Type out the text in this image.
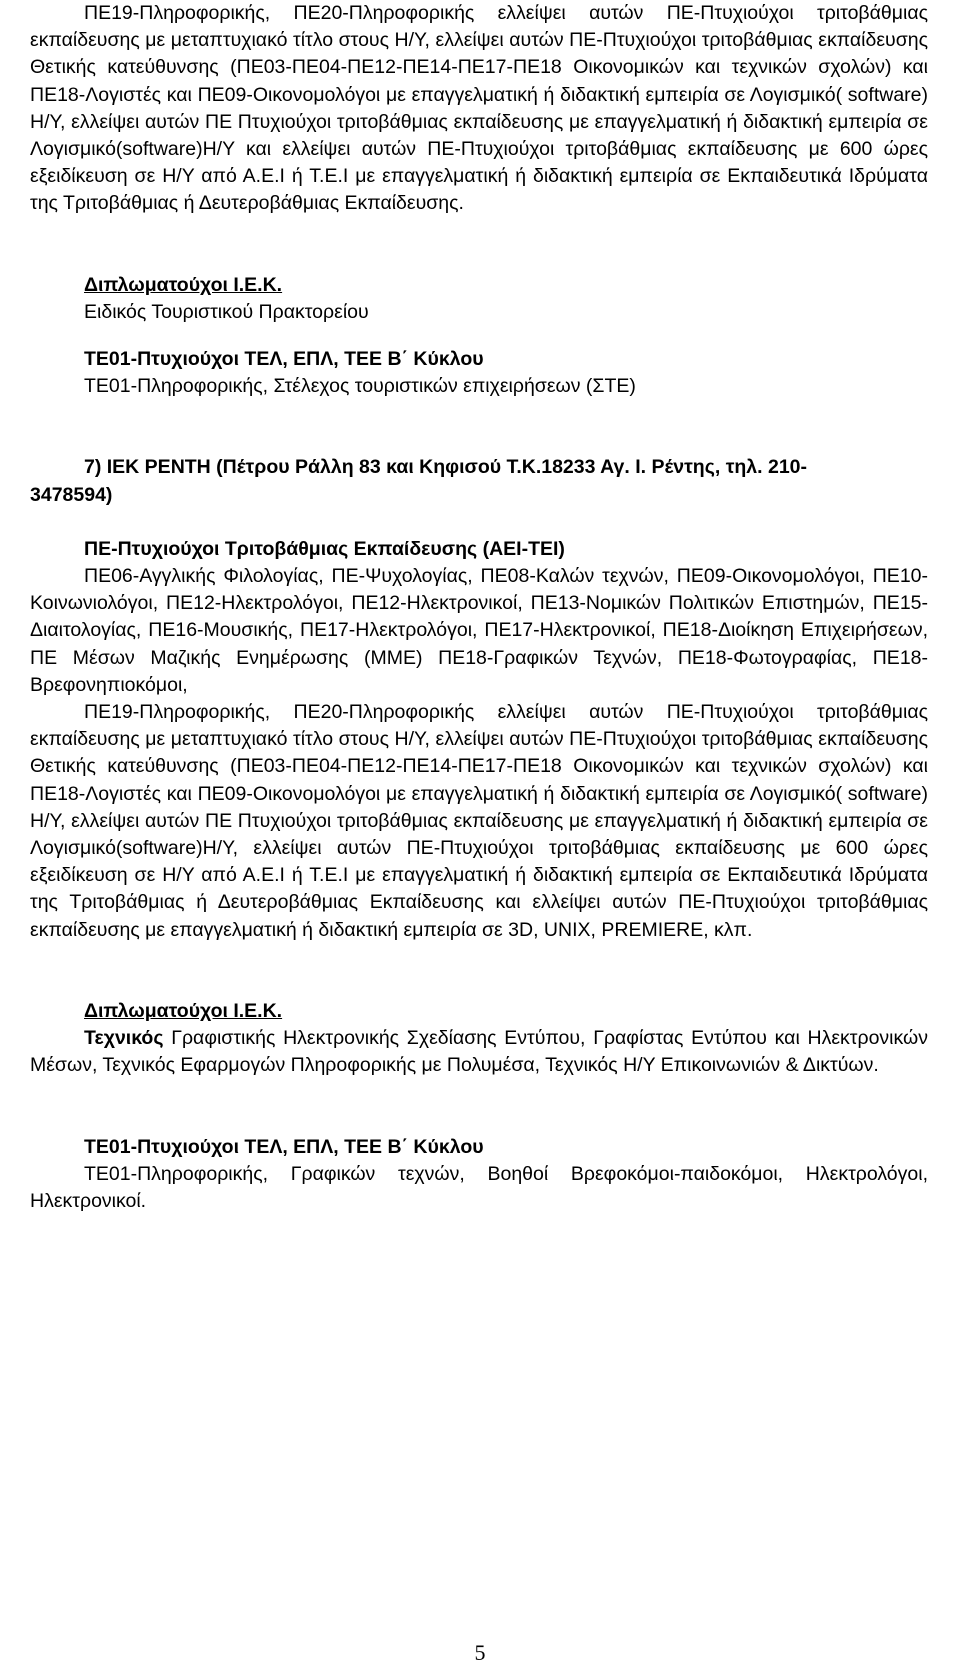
ΠΕ19-Πληροφορικής, ΠΕ20-Πληροφορικής ελλείψει αυτών ΠΕ-Πτυχιούχοι τριτοβάθμιας εκπαίδευσης με μεταπτυχιακό τίτλο στους Η/Υ, ελλείψει αυτών ΠΕ-Πτυχιούχοι τριτοβάθμιας εκπαίδευσης Θετικής κατεύθυνσης (ΠΕ03-ΠΕ04-ΠΕ12-ΠΕ14-ΠΕ17-ΠΕ18 Οικονομικών και τεχνικών σχολών) και ΠΕ18-Λογιστές και ΠΕ09-Οικονομολόγοι με επαγγελματική ή διδακτική εμπειρία σε Λογισμικό( software) Η/Υ, ελλείψει αυτών ΠΕ Πτυχιούχοι τριτοβάθμιας εκπαίδευσης με επαγγελματική ή διδακτική εμπειρία σε Λογισμικό(software)Η/Υ και ελλείψει αυτών ΠΕ-Πτυχιούχοι τριτοβάθμιας εκπαίδευσης με 600 ώρες εξειδίκευση σε Η/Υ από Α.Ε.Ι ή Τ.Ε.Ι με επαγγελματική ή διδακτική εμπειρία σε Εκπαιδευτικά Ιδρύματα της Τριτοβάθμιας ή Δευτεροβάθμιας Εκπαίδευσης.

Διπλωματούχοι Ι.Ε.Κ.

Ειδικός Τουριστικού Πρακτορείου

ΤΕ01-Πτυχιούχοι ΤΕΛ, ΕΠΛ, ΤΕΕ Β΄ Κύκλου

ΤΕ01-Πληροφορικής, Στέλεχος τουριστικών επιχειρήσεων (ΣΤΕ)

7) ΙΕΚ ΡΕΝΤΗ (Πέτρου Ράλλη 83 και Κηφισού Τ.Κ.18233 Αγ. Ι. Ρέντης, τηλ. 210-

3478594)

ΠΕ-Πτυχιούχοι Τριτοβάθμιας Εκπαίδευσης (ΑΕΙ-ΤΕΙ)

ΠΕ06-Αγγλικής Φιλολογίας, ΠΕ-Ψυχολογίας, ΠΕ08-Καλών τεχνών, ΠΕ09-Οικονομολόγοι, ΠΕ10-Κοινωνιολόγοι, ΠΕ12-Ηλεκτρολόγοι, ΠΕ12-Ηλεκτρονικοί, ΠΕ13-Νομικών Πολιτικών Επιστημών, ΠΕ15-Διαιτολογίας, ΠΕ16-Μουσικής, ΠΕ17-Ηλεκτρολόγοι, ΠΕ17-Ηλεκτρονικοί, ΠΕ18-Διοίκηση Επιχειρήσεων, ΠΕ Μέσων Μαζικής Ενημέρωσης (ΜΜΕ) ΠΕ18-Γραφικών Τεχνών, ΠΕ18-Φωτογραφίας, ΠΕ18-Βρεφονηπιοκόμοι,

ΠΕ19-Πληροφορικής, ΠΕ20-Πληροφορικής ελλείψει αυτών ΠΕ-Πτυχιούχοι τριτοβάθμιας εκπαίδευσης με μεταπτυχιακό τίτλο στους Η/Υ, ελλείψει αυτών ΠΕ-Πτυχιούχοι τριτοβάθμιας εκπαίδευσης Θετικής κατεύθυνσης (ΠΕ03-ΠΕ04-ΠΕ12-ΠΕ14-ΠΕ17-ΠΕ18 Οικονομικών και τεχνικών σχολών) και ΠΕ18-Λογιστές και ΠΕ09-Οικονομολόγοι με επαγγελματική ή διδακτική εμπειρία σε Λογισμικό( software) Η/Υ, ελλείψει αυτών ΠΕ Πτυχιούχοι τριτοβάθμιας εκπαίδευσης με επαγγελματική ή διδακτική εμπειρία σε Λογισμικό(software)Η/Υ, ελλείψει αυτών ΠΕ-Πτυχιούχοι τριτοβάθμιας εκπαίδευσης με 600 ώρες εξειδίκευση σε Η/Υ από Α.Ε.Ι ή Τ.Ε.Ι με επαγγελματική ή διδακτική εμπειρία σε Εκπαιδευτικά Ιδρύματα της Τριτοβάθμιας ή Δευτεροβάθμιας Εκπαίδευσης και ελλείψει αυτών ΠΕ-Πτυχιούχοι τριτοβάθμιας εκπαίδευσης με επαγγελματική ή διδακτική εμπειρία σε 3D, UNIX, PREMIERE, κλπ.

Διπλωματούχοι Ι.Ε.Κ.

Τεχνικός Γραφιστικής Ηλεκτρονικής Σχεδίασης Εντύπου, Γραφίστας Εντύπου και Ηλεκτρονικών Μέσων, Τεχνικός Εφαρμογών Πληροφορικής με Πολυμέσα, Τεχνικός Η/Υ Επικοινωνιών & Δικτύων.

ΤΕ01-Πτυχιούχοι ΤΕΛ, ΕΠΛ, ΤΕΕ Β΄ Κύκλου

ΤΕ01-Πληροφορικής, Γραφικών τεχνών, Βοηθοί Βρεφοκόμοι-παιδοκόμοι, Ηλεκτρολόγοι, Ηλεκτρονικοί.

5
